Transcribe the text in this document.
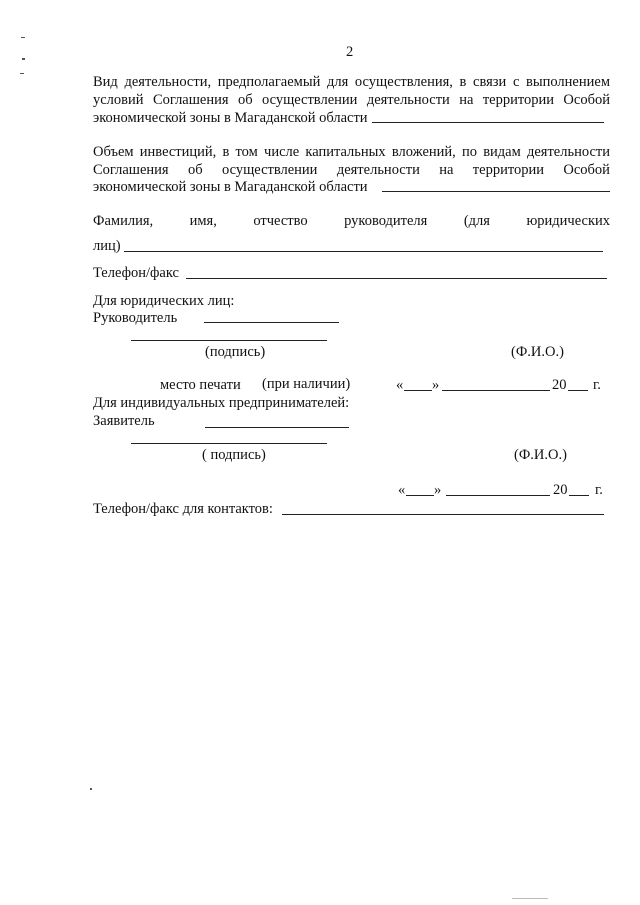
2
Вид деятельности, предполагаемый для осуществления, в связи с выполнением
условий Соглашения об осуществлении деятельности на территории Особой
экономической зоны в Магаданской области
Объем инвестиций, в том числе капитальных вложений, по видам деятельности
Соглашения об осуществлении деятельности на территории Особой
экономической зоны в Магаданской области
Фамилия,	имя,	отчество	руководителя	(для	юридических
лиц)
Телефон/факс
Для юридических лиц:
Руководитель
(подпись)	(Ф.И.О.)
место печати (при наличии)	« »	20 г.
Для индивидуальных предпринимателей:
Заявитель
( подпись)	(Ф.И.О.)
« »	20 г.
Телефон/факс для контактов:
